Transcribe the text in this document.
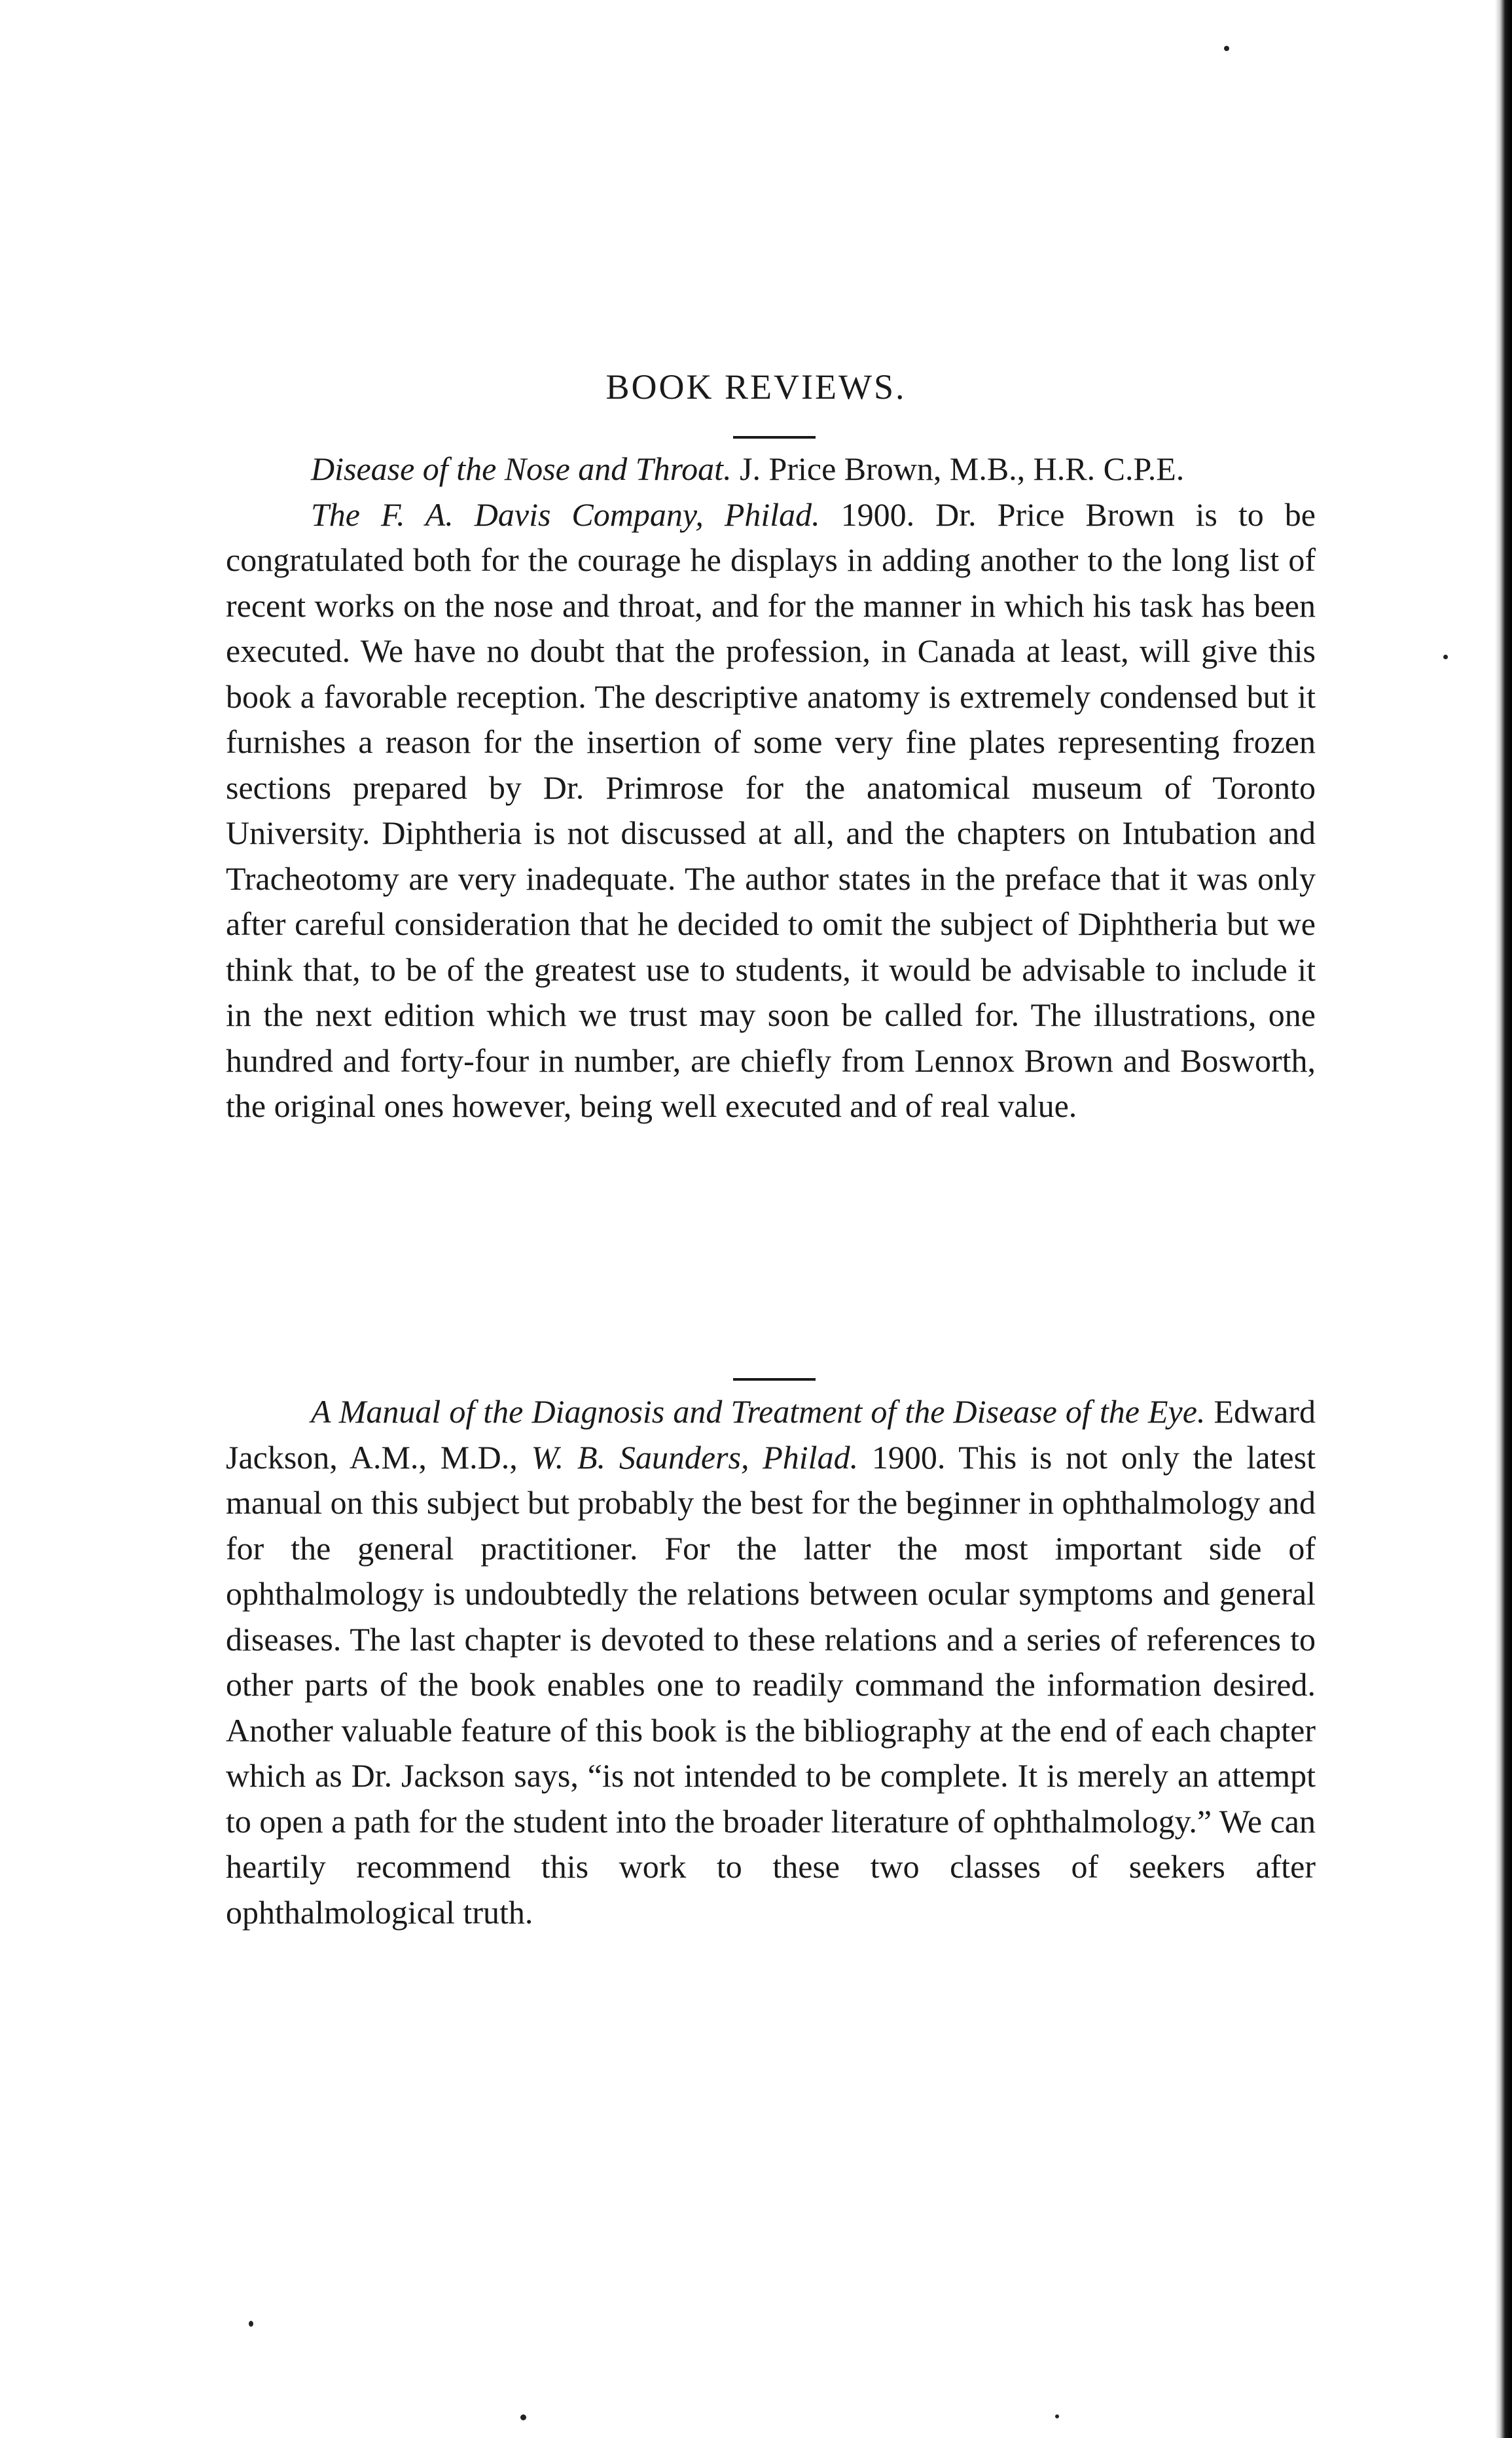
BOOK REVIEWS.

Disease of the Nose and Throat. J. Price Brown, M.B., H.R. C.P.E.

The F. A. Davis Company, Philad. 1900. Dr. Price Brown is to be congratulated both for the courage he displays in adding another to the long list of recent works on the nose and throat, and for the manner in which his task has been executed. We have no doubt that the profession, in Canada at least, will give this book a favorable reception. The descriptive anatomy is extremely condensed but it furnishes a reason for the insertion of some very fine plates representing frozen sections prepared by Dr. Primrose for the anatomical museum of Toronto University. Diphtheria is not discussed at all, and the chapters on Intubation and Tracheotomy are very inadequate. The author states in the preface that it was only after careful consideration that he decided to omit the subject of Diphtheria but we think that, to be of the greatest use to students, it would be advisable to include it in the next edition which we trust may soon be called for. The illustrations, one hundred and forty-four in number, are chiefly from Lennox Brown and Bosworth, the original ones however, being well executed and of real value.

A Manual of the Diagnosis and Treatment of the Disease of the Eye. Edward Jackson, A.M., M.D., W. B. Saunders, Philad. 1900. This is not only the latest manual on this subject but probably the best for the beginner in ophthalmology and for the general practitioner. For the latter the most important side of ophthalmology is undoubtedly the relations between ocular symptoms and general diseases. The last chapter is devoted to these relations and a series of references to other parts of the book enables one to readily command the information desired. Another valuable feature of this book is the bibliography at the end of each chapter which as Dr. Jackson says, “is not intended to be complete. It is merely an attempt to open a path for the student into the broader literature of ophthalmology.” We can heartily recommend this work to these two classes of seekers after ophthalmological truth.
